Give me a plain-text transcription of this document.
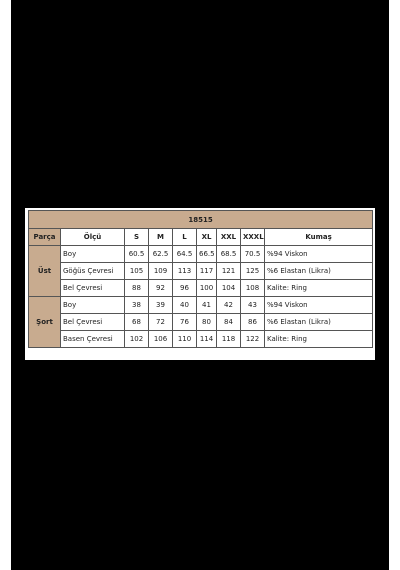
18515								
Parça	Ölçü	S	M	L	XL	XXL	XXXL	Kumaş
Üst	Boy	60.5	62.5	64.5	66.5	68.5	70.5	%94 Viskon
	Göğüs Çevresi	105	109	113	117	121	125	%6 Elastan (Likra)
	Bel Çevresi	88	92	96	100	104	108	Kalite: Ring
Şort	Boy	38	39	40	41	42	43	%94 Viskon
	Bel Çevresi	68	72	76	80	84	86	%6 Elastan (Likra)
	Basen Çevresi	102	106	110	114	118	122	Kalite: Ring
